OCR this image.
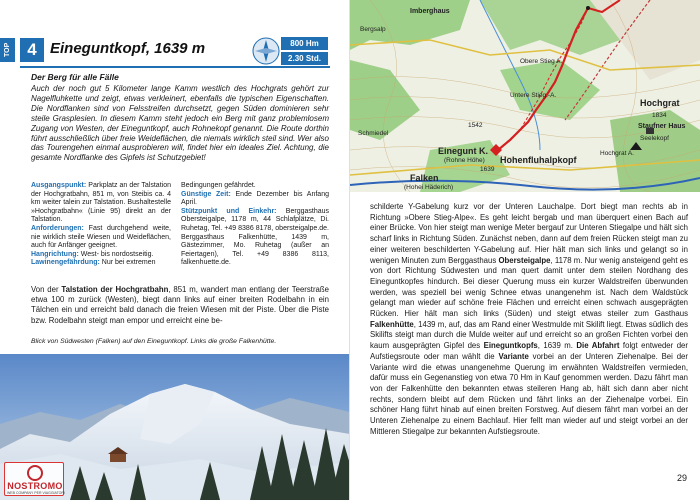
TOP 4 Eineguntkopf, 1639 m	800 Hm
2.30 Std.
Der Berg für alle Fälle
Auch der noch gut 5 Kilometer lange Kamm westlich des Hochgrats gehört zur Nagelfluhkette und zeigt, etwas verkleinert, ebenfalls die typischen Eigenschaften. Die Nordflanken sind von Felsstreifen durchsetzt, gegen Süden dominieren sehr steile Grasplesien. In diesem Kamm steht jedoch ein Berg mit ganz problemlosem Zugang von Westen, der Eineguntkopf, auch Rohnekopf genannt. Die Route dorthin führt ausschließlich über freie Weideflächen, die niemals wirklich steil sind. Wer also das Tourengehen einmal ausprobieren will, findet hier ein ideales Ziel. Achtung, die gesamte Nordflanke des Gipfels ist Schutzgebiet!

Ausgangspunkt: Parkplatz an der Talstation der Hochgratbahn, 851 m, von Steibis ca. 4 km weiter talein zur Talstation. Bushaltestelle »Hochgratbahn« (Linie 95) direkt an der Talstation.

Anforderungen: Fast durchgehend weite, nie wirklich steile Wiesen und Weideflächen, auch für Anfänger geeignet.

Hangrichtung: West- bis nordostseitig.

Lawinengefährdung: Nur bei extremen

Bedingungen gefährdet.

Günstige Zeit: Ende Dezember bis Anfang April.

Stützpunkt und Einkehr: Berggasthaus Obersteigalpe, 1178 m, 44 Schlafplätze, Di. Ruhetag, Tel. +49 8386 8178, obersteigalpe.de. Berggasthaus Falkenhütte, 1439 m, Gästezimmer, Mo. Ruhetag (außer an Feiertagen), Tel. +49 8386 8113, falkenhuette.de.

Von der Talstation der Hochgratbahn, 851 m, wandert man entlang der Teerstraße etwa 100 m zurück (Westen), biegt dann links auf einer breiten Rodelbahn in ein Tälchen ein und erreicht bald danach die freien Wiesen mit der Piste. Über die Piste bzw. Rodelbahn steigt man empor und erreicht eine be-
Blick von Südwesten (Falken) auf den Eineguntkopf. Links die große Falkenhütte.
NOSTROMO
WEB COMPANY PER VIAGGIATORI
Imberghaus
Hochgrat
1834
Staufner Haus
Seelekopf
Einegunt K.
(Rohne Höhe)
1639
Hohenfluhalpkopf
Falken
(Hohei Häderich)
Obere Stieg A.
Untere Stieg.-A.
Hochgrat A.
Schmiedel
Bergsalp
1542
schilderte Y-Gabelung kurz vor der Unteren Lauchalpe. Dort biegt man rechts ab in Richtung »Obere Stieg-Alpe«. Es geht leicht bergab und man überquert einen Bach auf einer Brücke. Von hier steigt man wenige Meter bergauf zur Unteren Stiegalpe und hält sich scharf links in Richtung Süden. Zunächst neben, dann auf dem freien Rücken steigt man zu einer weiteren beschilderten Y-Gabelung auf. Hier hält man sich links und gelangt so in wenigen Minuten zum Berggasthaus Obersteigalpe, 1178 m. Nur wenig ansteigend geht es von dort Richtung Südwesten und man quert damit unter dem steilen Nordhang des Eineguntkopfes hindurch. Bei dieser Querung muss ein kurzer Waldstreifen überwunden werden, was speziell bei wenig Schnee etwas unangenehm ist. Nach dem Waldstück gelangt man wieder auf schöne freie Flächen und erreicht einen schwach ausgeprägten Rücken. Hier hält man sich links (Süden) und steigt etwas steiler zum Gasthaus Falkenhütte, 1439 m, auf, das am Rand einer Westmulde mit Skilift liegt. Etwas südlich des Skilifts steigt man durch die Mulde weiter auf und erreicht so an großen Fichten vorbei den kaum ausgeprägten Gipfel des Eineguntkopfs, 1639 m. Die Abfahrt folgt entweder der Aufstiegsroute oder man wählt die Variante vorbei an der Unteren Ziehenalpe. Bei der Variante wird die etwas unangenehme Querung im erwähnten Waldstreifen vermieden, dafür muss ein Gegenanstieg von etwa 70 Hm in Kauf genommen werden. Dazu fährt man von der Falkenhütte den bekannten etwas steileren Hang ab, hält sich dann aber nicht rechts, sondern bleibt auf dem Rücken und fährt links an der Ziehenalpe vorbei. Ein schöner Hang führt hinab auf einen breiten Forstweg. Auf diesem fährt man vorbei an der Unteren Ziehenalpe zu einem Bachlauf. Hier fellt man wieder auf und steigt vorbei an der Mittleren Stiegalpe zur bekannten Aufstiegsroute.
29
